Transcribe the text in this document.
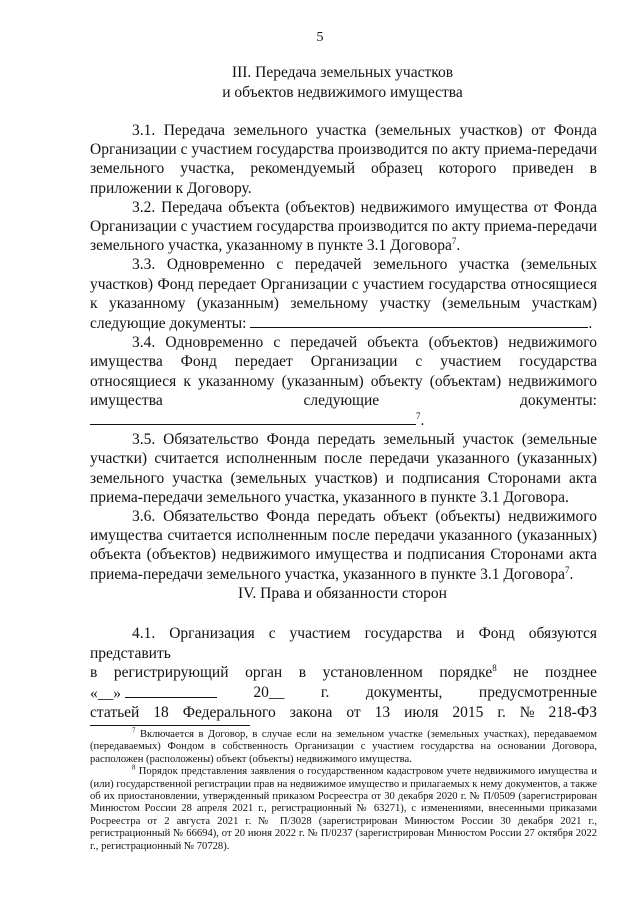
5
III. Передача земельных участков
и объектов недвижимого имущества

3.1. Передача земельного участка (земельных участков) от Фонда Организации с участием государства производится по акту приема-передачи земельного участка, рекомендуемый образец которого приведен в приложении к Договору.

3.2. Передача объекта (объектов) недвижимого имущества от Фонда Организации с участием государства производится по акту приема-передачи земельного участка, указанному в пункте 3.1 Договора$^7$.

3.3. Одновременно с передачей земельного участка (земельных участков) Фонд передает Организации с участием государства относящиеся к указанному (указанным) земельному участку (земельным участкам) следующие документы:	.

3.4. Одновременно с передачей объекта (объектов) недвижимого имущества Фонд передает Организации с участием государства относящиеся к указанному (указанным) объекту (объектам) недвижимого имущества следующие документы: $^7$.

3.5. Обязательство Фонда передать земельный участок (земельные участки) считается исполненным после передачи указанного (указанных) земельного участка (земельных участков) и подписания Сторонами акта приема-передачи земельного участка, указанного в пункте 3.1 Договора.

3.6. Обязательство Фонда передать объект (объекты) недвижимого имущества считается исполненным после передачи указанного (указанных) объекта (объектов) недвижимого имущества и подписания Сторонами акта приема-передачи земельного участка, указанного в пункте 3.1 Договора$^7$.

IV. Права и обязанности сторон

4.1. Организация с участием государства и Фонд обязуются представить

в регистрирующий орган в установленном порядке$^8$ не позднее
«__»	20__ г. документы, предусмотренные
статьей 18 Федерального закона от 13 июля 2015 г. № 218-ФЗ

$^7$ Включается в Договор, в случае если на земельном участке (земельных участках), передаваемом (передаваемых) Фондом в собственность Организации с участием государства на основании Договора, расположен (расположены) объект (объекты) недвижимого имущества.

$^8$ Порядок представления заявления о государственном кадастровом учете недвижимого имущества и (или) государственной регистрации прав на недвижимое имущество и прилагаемых к нему документов, а также об их приостановлении, утвержденный приказом Росреестра от 30 декабря 2020 г. № П/0509 (зарегистрирован Минюстом России 28 апреля 2021 г., регистрационный № 63271), с изменениями, внесенными приказами Росреестра от 2 августа 2021 г. № П/3028 (зарегистрирован Минюстом России 30 декабря 2021 г., регистрационный № 66694), от 20 июня 2022 г. № П/0237 (зарегистрирован Минюстом России 27 октября 2022 г., регистрационный № 70728).
